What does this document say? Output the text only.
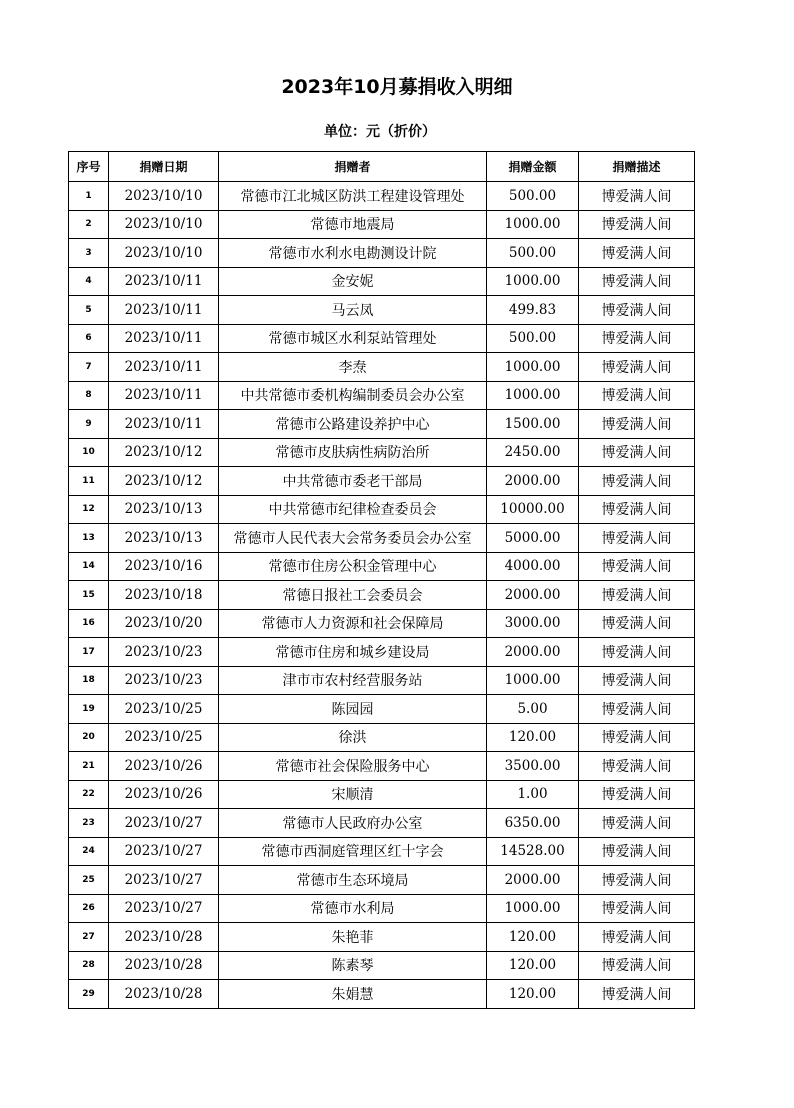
2023年10月募捐收入明细
单位：元（折价）
序号	捐赠日期	捐赠者	捐赠金额	捐赠描述
1	2023/10/10	常德市江北城区防洪工程建设管理处	500.00	博爱满人间
2	2023/10/10	常德市地震局	1000.00	博爱满人间
3	2023/10/10	常德市水利水电勘测设计院	500.00	博爱满人间
4	2023/10/11	金安妮	1000.00	博爱满人间
5	2023/10/11	马云凤	499.83	博爱满人间
6	2023/10/11	常德市城区水利泵站管理处	500.00	博爱满人间
7	2023/10/11	李焘	1000.00	博爱满人间
8	2023/10/11	中共常德市委机构编制委员会办公室	1000.00	博爱满人间
9	2023/10/11	常德市公路建设养护中心	1500.00	博爱满人间
10	2023/10/12	常德市皮肤病性病防治所	2450.00	博爱满人间
11	2023/10/12	中共常德市委老干部局	2000.00	博爱满人间
12	2023/10/13	中共常德市纪律检查委员会	10000.00	博爱满人间
13	2023/10/13	常德市人民代表大会常务委员会办公室	5000.00	博爱满人间
14	2023/10/16	常德市住房公积金管理中心	4000.00	博爱满人间
15	2023/10/18	常德日报社工会委员会	2000.00	博爱满人间
16	2023/10/20	常德市人力资源和社会保障局	3000.00	博爱满人间
17	2023/10/23	常德市住房和城乡建设局	2000.00	博爱满人间
18	2023/10/23	津市市农村经营服务站	1000.00	博爱满人间
19	2023/10/25	陈园园	5.00	博爱满人间
20	2023/10/25	徐洪	120.00	博爱满人间
21	2023/10/26	常德市社会保险服务中心	3500.00	博爱满人间
22	2023/10/26	宋顺清	1.00	博爱满人间
23	2023/10/27	常德市人民政府办公室	6350.00	博爱满人间
24	2023/10/27	常德市西洞庭管理区红十字会	14528.00	博爱满人间
25	2023/10/27	常德市生态环境局	2000.00	博爱满人间
26	2023/10/27	常德市水利局	1000.00	博爱满人间
27	2023/10/28	朱艳菲	120.00	博爱满人间
28	2023/10/28	陈素琴	120.00	博爱满人间
29	2023/10/28	朱娟慧	120.00	博爱满人间
